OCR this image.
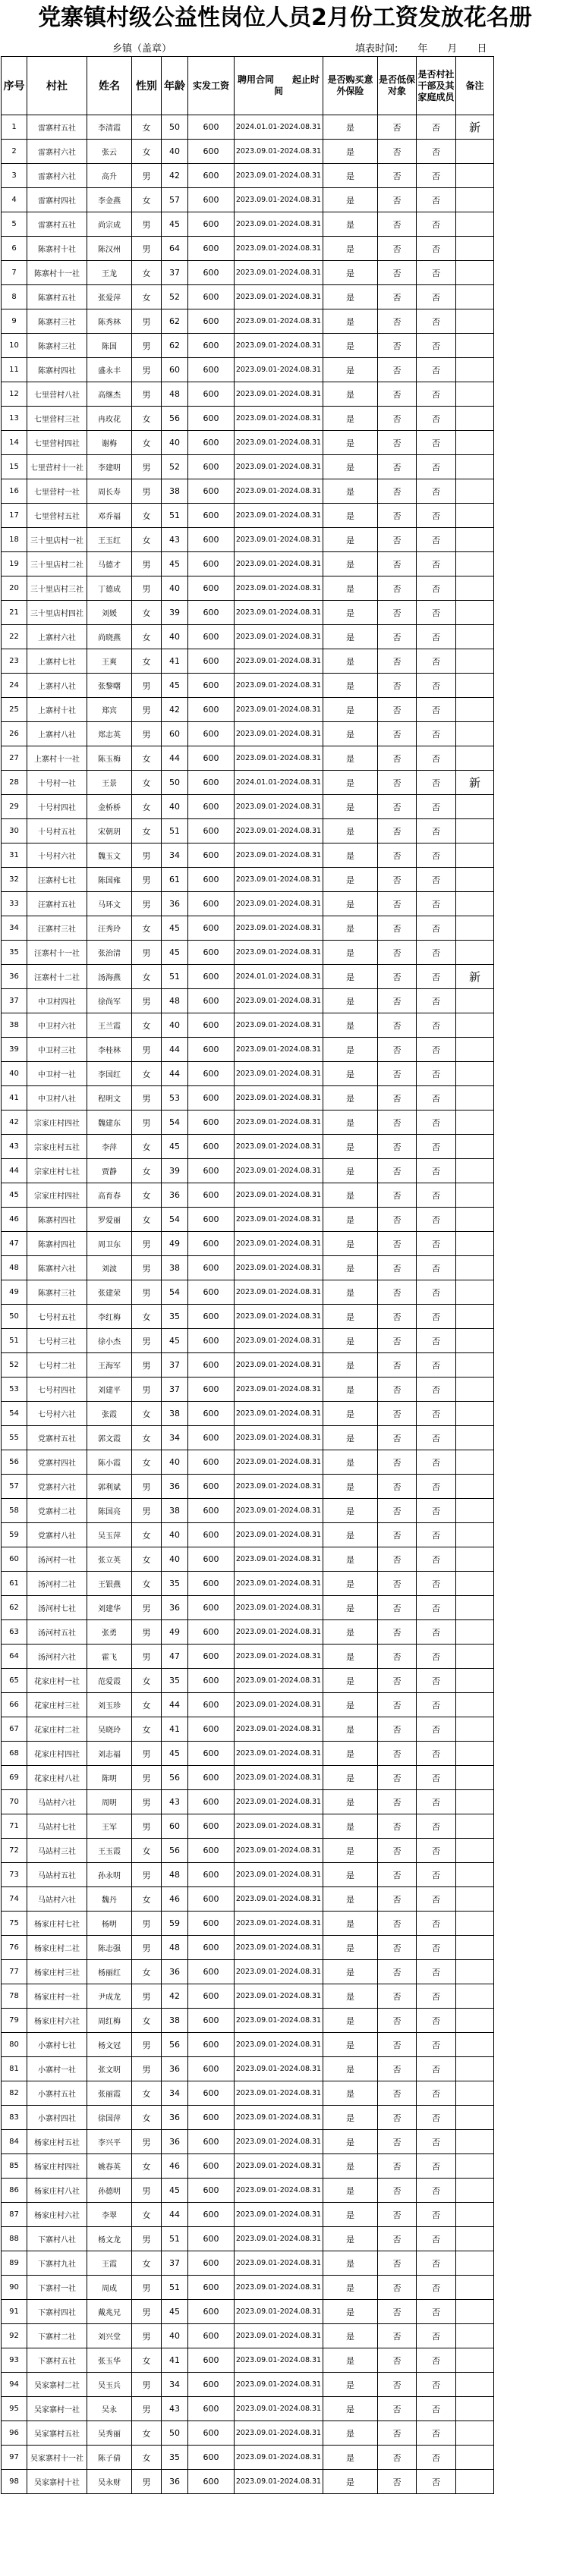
党寨镇村级公益性岗位人员2月份工资发放花名册
乡镇（盖章）	填表时间:　　年　　月　　日
序号	村社	姓名	性别	年龄	实发工资	聘用合同　　起止时间	是否购买意外保险	是否低保对象	是否村社干部及其家庭成员	备注
1	雷寨村五社	李清霞	女	50	600	2024.01.01-2024.08.31	是	否	否	新
2	雷寨村六社	张云	女	40	600	2023.09.01-2024.08.31	是	否	否	
3	雷寨村六社	高升	男	42	600	2023.09.01-2024.08.31	是	否	否	
4	雷寨村四社	李金燕	女	57	600	2023.09.01-2024.08.31	是	否	否	
5	雷寨村五社	尚宗成	男	45	600	2023.09.01-2024.08.31	是	否	否	
6	陈寨村十社	陈汉州	男	64	600	2023.09.01-2024.08.31	是	否	否	
7	陈寨村十一社	王龙	女	37	600	2023.09.01-2024.08.31	是	否	否	
8	陈寨村五社	张爱萍	女	52	600	2023.09.01-2024.08.31	是	否	否	
9	陈寨村三社	陈秀林	男	62	600	2023.09.01-2024.08.31	是	否	否	
10	陈寨村三社	陈国	男	62	600	2023.09.01-2024.08.31	是	否	否	
11	陈寨村四社	盛永丰	男	60	600	2023.09.01-2024.08.31	是	否	否	
12	七里营村八社	高继杰	男	48	600	2023.09.01-2024.08.31	是	否	否	
13	七里营村三社	冉玫花	女	56	600	2023.09.01-2024.08.31	是	否	否	
14	七里营村四社	谢梅	女	40	600	2023.09.01-2024.08.31	是	否	否	
15	七里营村十一社	李建明	男	52	600	2023.09.01-2024.08.31	是	否	否	
16	七里营村一社	周长寿	男	38	600	2023.09.01-2024.08.31	是	否	否	
17	七里营村五社	邓乔福	女	51	600	2023.09.01-2024.08.31	是	否	否	
18	三十里店村一社	王玉红	女	43	600	2023.09.01-2024.08.31	是	否	否	
19	三十里店村二社	马德才	男	45	600	2023.09.01-2024.08.31	是	否	否	
20	三十里店村三社	丁德成	男	40	600	2023.09.01-2024.08.31	是	否	否	
21	三十里店村四社	刘媛	女	39	600	2023.09.01-2024.08.31	是	否	否	
22	上寨村六社	尚晓燕	女	40	600	2023.09.01-2024.08.31	是	否	否	
23	上寨村七社	王爽	女	41	600	2023.09.01-2024.08.31	是	否	否	
24	上寨村八社	张黎曙	男	45	600	2023.09.01-2024.08.31	是	否	否	
25	上寨村十社	郑宾	男	42	600	2023.09.01-2024.08.31	是	否	否	
26	上寨村八社	郑志英	男	60	600	2023.09.01-2024.08.31	是	否	否	
27	上寨村十一社	陈玉梅	女	44	600	2023.09.01-2024.08.31	是	否	否	
28	十号村一社	王景	女	50	600	2024.01.01-2024.08.31	是	否	否	新
29	十号村四社	金桥桥	女	40	600	2023.09.01-2024.08.31	是	否	否	
30	十号村五社	宋朝玥	女	51	600	2023.09.01-2024.08.31	是	否	否	
31	十号村六社	魏玉文	男	34	600	2023.09.01-2024.08.31	是	否	否	
32	汪寨村七社	陈国雍	男	61	600	2023.09.01-2024.08.31	是	否	否	
33	汪寨村五社	马环文	男	36	600	2023.09.01-2024.08.31	是	否	否	
34	汪寨村三社	汪秀玲	女	45	600	2023.09.01-2024.08.31	是	否	否	
35	汪寨村十一社	张治清	男	45	600	2023.09.01-2024.08.31	是	否	否	
36	汪寨村十二社	汤海燕	女	51	600	2024.01.01-2024.08.31	是	否	否	新
37	中卫村四社	徐尚军	男	48	600	2023.09.01-2024.08.31	是	否	否	
38	中卫村六社	王兰霞	女	40	600	2023.09.01-2024.08.31	是	否	否	
39	中卫村三社	李桂林	男	44	600	2023.09.01-2024.08.31	是	否	否	
40	中卫村一社	李国红	女	44	600	2023.09.01-2024.08.31	是	否	否	
41	中卫村八社	程明文	男	53	600	2023.09.01-2024.08.31	是	否	否	
42	宗家庄村四社	魏建东	男	54	600	2023.09.01-2024.08.31	是	否	否	
43	宗家庄村五社	李萍	女	45	600	2023.09.01-2024.08.31	是	否	否	
44	宗家庄村七社	贾静	女	39	600	2023.09.01-2024.08.31	是	否	否	
45	宗家庄村四社	高育春	女	36	600	2023.09.01-2024.08.31	是	否	否	
46	陈寨村四社	罗爱丽	女	54	600	2023.09.01-2024.08.31	是	否	否	
47	陈寨村四社	周卫东	男	49	600	2023.09.01-2024.08.31	是	否	否	
48	陈寨村六社	刘波	男	38	600	2023.09.01-2024.08.31	是	否	否	
49	陈寨村三社	张建荣	男	54	600	2023.09.01-2024.08.31	是	否	否	
50	七号村五社	李红梅	女	35	600	2023.09.01-2024.08.31	是	否	否	
51	七号村三社	徐小杰	男	45	600	2023.09.01-2024.08.31	是	否	否	
52	七号村二社	王海军	男	37	600	2023.09.01-2024.08.31	是	否	否	
53	七号村四社	刘建平	男	37	600	2023.09.01-2024.08.31	是	否	否	
54	七号村六社	张霞	女	38	600	2023.09.01-2024.08.31	是	否	否	
55	党寨村五社	郭文霞	女	34	600	2023.09.01-2024.08.31	是	否	否	
56	党寨村四社	陈小霞	女	40	600	2023.09.01-2024.08.31	是	否	否	
57	党寨村六社	郭利斌	男	36	600	2023.09.01-2024.08.31	是	否	否	
58	党寨村二社	陈国亮	男	38	600	2023.09.01-2024.08.31	是	否	否	
59	党寨村八社	吴玉萍	女	40	600	2023.09.01-2024.08.31	是	否	否	
60	汤河村一社	张立英	女	40	600	2023.09.01-2024.08.31	是	否	否	
61	汤河村二社	王银燕	女	35	600	2023.09.01-2024.08.31	是	否	否	
62	汤河村七社	刘建华	男	36	600	2023.09.01-2024.08.31	是	否	否	
63	汤河村五社	张勇	男	49	600	2023.09.01-2024.08.31	是	否	否	
64	汤河村六社	霍飞	男	47	600	2023.09.01-2024.08.31	是	否	否	
65	花家庄村一社	范爱霞	女	35	600	2023.09.01-2024.08.31	是	否	否	
66	花家庄村三社	刘玉珍	女	44	600	2023.09.01-2024.08.31	是	否	否	
67	花家庄村二社	吴晓玲	女	41	600	2023.09.01-2024.08.31	是	否	否	
68	花家庄村四社	刘志福	男	45	600	2023.09.01-2024.08.31	是	否	否	
69	花家庄村八社	陈明	男	56	600	2023.09.01-2024.08.31	是	否	否	
70	马站村六社	周明	男	43	600	2023.09.01-2024.08.31	是	否	否	
71	马站村七社	王军	男	60	600	2023.09.01-2024.08.31	是	否	否	
72	马站村三社	王玉霞	女	56	600	2023.09.01-2024.08.31	是	否	否	
73	马站村五社	孙永明	男	48	600	2023.09.01-2024.08.31	是	否	否	
74	马站村六社	魏丹	女	46	600	2023.09.01-2024.08.31	是	否	否	
75	杨家庄村七社	杨明	男	59	600	2023.09.01-2024.08.31	是	否	否	
76	杨家庄村二社	陈志强	男	48	600	2023.09.01-2024.08.31	是	否	否	
77	杨家庄村三社	杨丽红	女	36	600	2023.09.01-2024.08.31	是	否	否	
78	杨家庄村一社	尹成龙	男	42	600	2023.09.01-2024.08.31	是	否	否	
79	杨家庄村六社	周红梅	女	38	600	2023.09.01-2024.08.31	是	否	否	
80	小寨村七社	杨文冠	男	56	600	2023.09.01-2024.08.31	是	否	否	
81	小寨村一社	张文明	男	36	600	2023.09.01-2024.08.31	是	否	否	
82	小寨村五社	张丽霞	女	34	600	2023.09.01-2024.08.31	是	否	否	
83	小寨村四社	徐国萍	女	36	600	2023.09.01-2024.08.31	是	否	否	
84	杨家庄村五社	李兴平	男	36	600	2023.09.01-2024.08.31	是	否	否	
85	杨家庄村四社	姚春英	女	46	600	2023.09.01-2024.08.31	是	否	否	
86	杨家庄村八社	孙德明	男	45	600	2023.09.01-2024.08.31	是	否	否	
87	杨家庄村六社	李翠	女	44	600	2023.09.01-2024.08.31	是	否	否	
88	下寨村八社	杨文龙	男	51	600	2023.09.01-2024.08.31	是	否	否	
89	下寨村九社	王霞	女	37	600	2023.09.01-2024.08.31	是	否	否	
90	下寨村一社	周成	男	51	600	2023.09.01-2024.08.31	是	否	否	
91	下寨村四社	戴兆兄	男	45	600	2023.09.01-2024.08.31	是	否	否	
92	下寨村二社	刘兴堂	男	40	600	2023.09.01-2024.08.31	是	否	否	
93	下寨村五社	张玉华	女	41	600	2023.09.01-2024.08.31	是	否	否	
94	吴家寨村二社	吴玉兵	男	34	600	2023.09.01-2024.08.31	是	否	否	
95	吴家寨村一社	吴永	男	43	600	2023.09.01-2024.08.31	是	否	否	
96	吴家寨村五社	吴秀丽	女	50	600	2023.09.01-2024.08.31	是	否	否	
97	吴家寨村十一社	陈子倩	女	35	600	2023.09.01-2024.08.31	是	否	否	
98	吴家寨村十社	吴永财	男	36	600	2023.09.01-2024.08.31	是	否	否	
